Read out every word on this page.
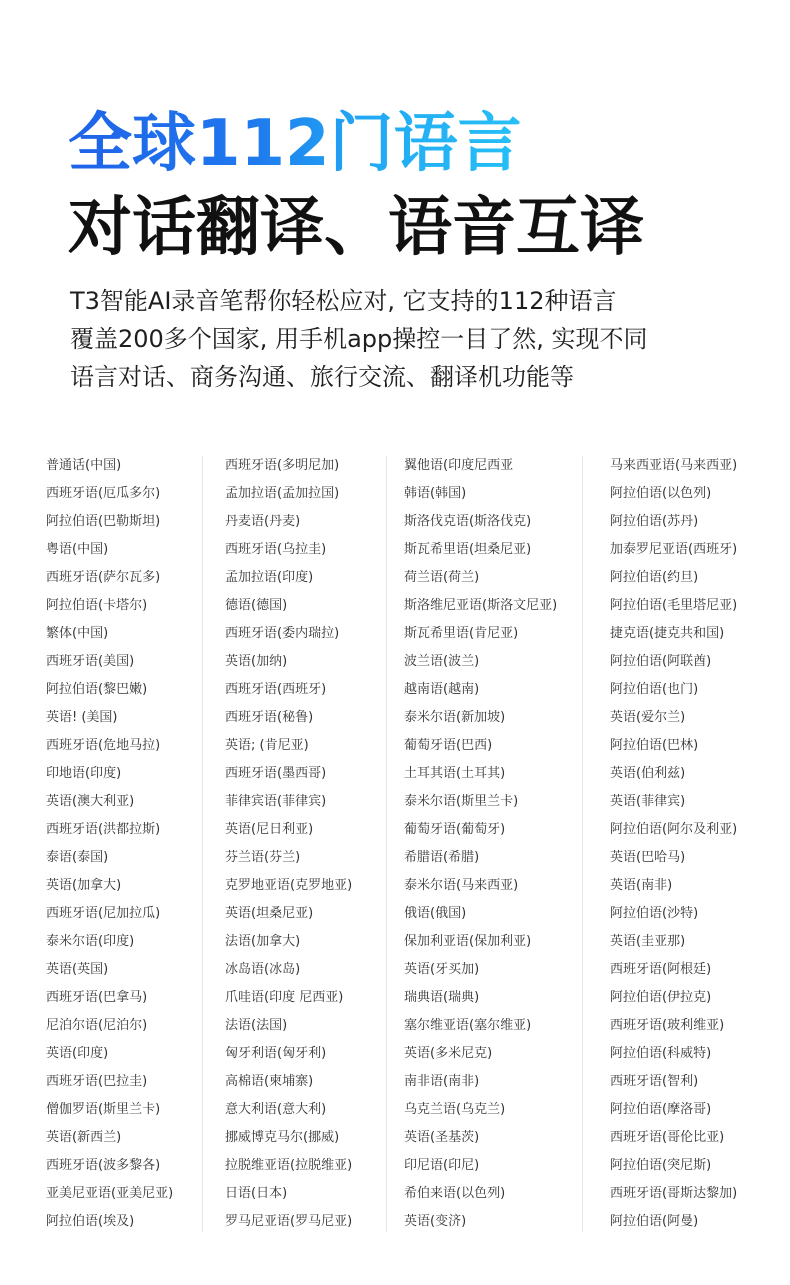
全球112门语言
对话翻译、语音互译
T3智能AI录音笔帮你轻松应对, 它支持的112种语言
覆盖200多个国家, 用手机app操控一目了然, 实现不同
语言对话、商务沟通、旅行交流、翻译机功能等
普通话(中国)
西班牙语(厄瓜多尔)
阿拉伯语(巴勒斯坦)
粤语(中国)
西班牙语(萨尔瓦多)
阿拉伯语(卡塔尔)
繁体(中国)
西班牙语(美国)
阿拉伯语(黎巴嫩)
英语! (美国)
西班牙语(危地马拉)
印地语(印度)
英语(澳大利亚)
西班牙语(洪都拉斯)
泰语(泰国)
英语(加拿大)
西班牙语(尼加拉瓜)
泰米尔语(印度)
英语(英国)
西班牙语(巴拿马)
尼泊尔语(尼泊尔)
英语(印度)
西班牙语(巴拉圭)
僧伽罗语(斯里兰卡)
英语(新西兰)
西班牙语(波多黎各)
亚美尼亚语(亚美尼亚)
阿拉伯语(埃及)
西班牙语(多明尼加)
孟加拉语(孟加拉国)
丹麦语(丹麦)
西班牙语(乌拉圭)
孟加拉语(印度)
德语(德国)
西班牙语(委内瑞拉)
英语(加纳)
西班牙语(西班牙)
西班牙语(秘鲁)
英语; (肯尼亚)
西班牙语(墨西哥)
菲律宾语(菲律宾)
英语(尼日利亚)
芬兰语(芬兰)
克罗地亚语(克罗地亚)
英语(坦桑尼亚)
法语(加拿大)
冰岛语(冰岛)
爪哇语(印度 尼西亚)
法语(法国)
匈牙利语(匈牙利)
高棉语(柬埔寨)
意大利语(意大利)
挪威博克马尔(挪威)
拉脱维亚语(拉脱维亚)
日语(日本)
罗马尼亚语(罗马尼亚)
翼他语(印度尼西亚
韩语(韩国)
斯洛伐克语(斯洛伐克)
斯瓦希里语(坦桑尼亚)
荷兰语(荷兰)
斯洛维尼亚语(斯洛文尼亚)
斯瓦希里语(肯尼亚)
波兰语(波兰)
越南语(越南)
泰米尔语(新加坡)
葡萄牙语(巴西)
土耳其语(土耳其)
泰米尔语(斯里兰卡)
葡萄牙语(葡萄牙)
希腊语(希腊)
泰米尔语(马来西亚)
俄语(俄国)
保加利亚语(保加利亚)
英语(牙买加)
瑞典语(瑞典)
塞尔维亚语(塞尔维亚)
英语(多米尼克)
南非语(南非)
乌克兰语(乌克兰)
英语(圣基茨)
印尼语(印尼)
希伯来语(以色列)
英语(变济)
马来西亚语(马来西亚)
阿拉伯语(以色列)
阿拉伯语(苏丹)
加泰罗尼亚语(西班牙)
阿拉伯语(约旦)
阿拉伯语(毛里塔尼亚)
捷克语(捷克共和国)
阿拉伯语(阿联酋)
阿拉伯语(也门)
英语(爱尔兰)
阿拉伯语(巴林)
英语(伯利兹)
英语(菲律宾)
阿拉伯语(阿尔及利亚)
英语(巴哈马)
英语(南非)
阿拉伯语(沙特)
英语(圭亚那)
西班牙语(阿根廷)
阿拉伯语(伊拉克)
西班牙语(玻利维亚)
阿拉伯语(科威特)
西班牙语(智利)
阿拉伯语(摩洛哥)
西班牙语(哥伦比亚)
阿拉伯语(突尼斯)
西班牙语(哥斯达黎加)
阿拉伯语(阿曼)
